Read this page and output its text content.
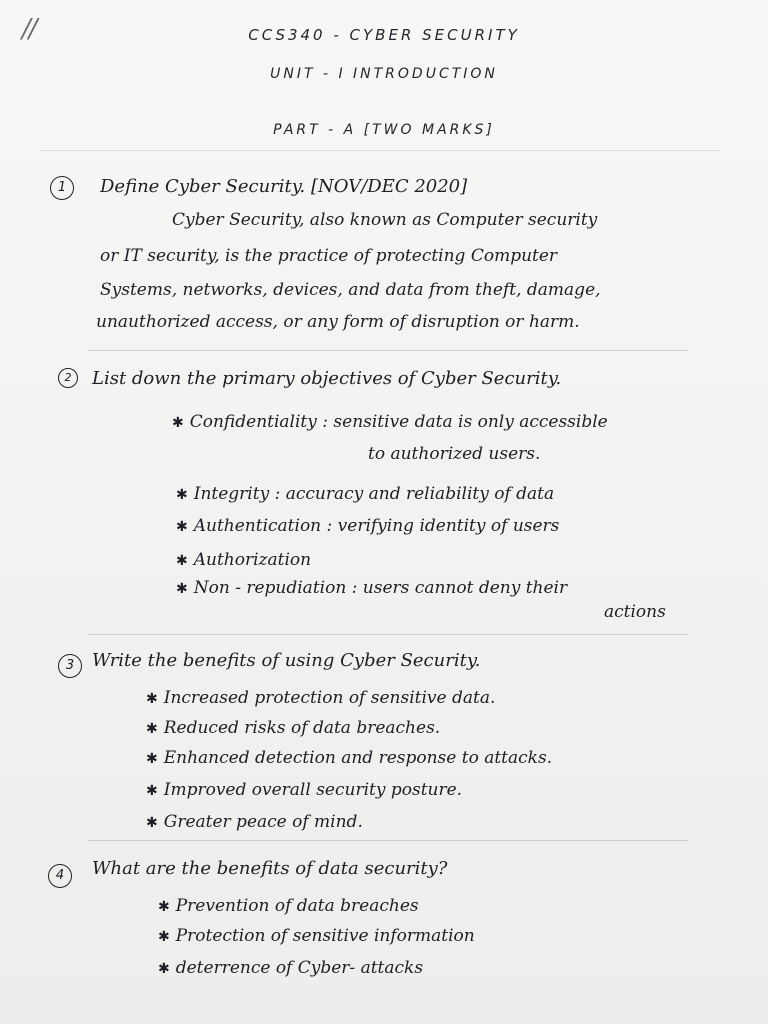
//	CCS340 - CYBER SECURITY
UNIT - I INTRODUCTION
PART - A [TWO MARKS]
1	Define Cyber Security. [NOV/DEC 2020]
Cyber Security, also known as Computer security
or IT security, is the practice of protecting Computer
Systems, networks, devices, and data from theft, damage,
unauthorized access, or any form of disruption or harm.
2	List down the primary objectives of Cyber Security.
✱ Confidentiality : sensitive data is only accessible
to authorized users.
✱ Integrity : accuracy and reliability of data
✱ Authentication : verifying identity of users
✱ Authorization
✱ Non - repudiation : users cannot deny their
actions
3 Write the benefits of using Cyber Security.
✱ Increased protection of sensitive data.
✱ Reduced risks of data breaches.
✱ Enhanced detection and response to attacks.
✱ Improved overall security posture.
✱ Greater peace of mind.
4	What are the benefits of data security?
✱ Prevention of data breaches
✱ Protection of sensitive information
✱ deterrence of Cyber- attacks
